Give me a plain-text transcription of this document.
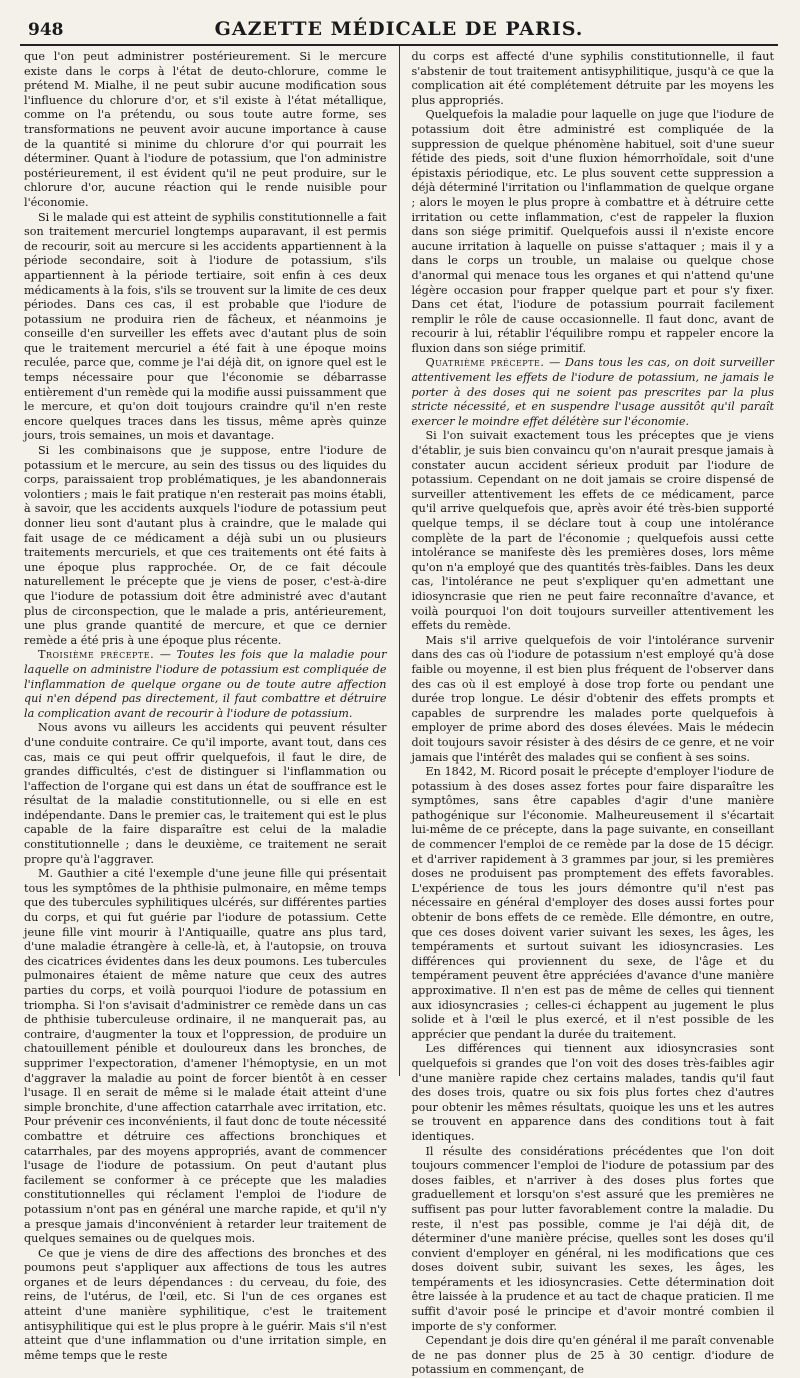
948	GAZETTE MÉDICALE DE PARIS.

que l'on peut administrer postérieurement. Si le mercure existe dans le corps à l'état de deuto-chlorure, comme le prétend M. Mialhe, il ne peut subir aucune modification sous l'influence du chlorure d'or, et s'il existe à l'état métallique, comme on l'a prétendu, ou sous toute autre forme, ses transformations ne peuvent avoir aucune importance à cause de la quantité si minime du chlorure d'or qui pourrait les déterminer. Quant à l'iodure de potassium, que l'on administre postérieurement, il est évident qu'il ne peut produire, sur le chlorure d'or, aucune réaction qui le rende nuisible pour l'économie.

Si le malade qui est atteint de syphilis constitutionnelle a fait son traitement mercuriel longtemps auparavant, il est permis de recourir, soit au mercure si les accidents appartiennent à la période secondaire, soit à l'iodure de potassium, s'ils appartiennent à la période tertiaire, soit enfin à ces deux médicaments à la fois, s'ils se trouvent sur la limite de ces deux périodes. Dans ces cas, il est probable que l'iodure de potassium ne produira rien de fâcheux, et néanmoins je conseille d'en surveiller les effets avec d'autant plus de soin que le traitement mercuriel a été fait à une époque moins reculée, parce que, comme je l'ai déjà dit, on ignore quel est le temps nécessaire pour que l'économie se débarrasse entièrement d'un remède qui la modifie aussi puissamment que le mercure, et qu'on doit toujours craindre qu'il n'en reste encore quelques traces dans les tissus, même après quinze jours, trois semaines, un mois et davantage.

Si les combinaisons que je suppose, entre l'iodure de potassium et le mercure, au sein des tissus ou des liquides du corps, paraissaient trop problématiques, je les abandonnerais volontiers ; mais le fait pratique n'en resterait pas moins établi, à savoir, que les accidents auxquels l'iodure de potassium peut donner lieu sont d'autant plus à craindre, que le malade qui fait usage de ce médicament a déjà subi un ou plusieurs traitements mercuriels, et que ces traitements ont été faits à une époque plus rapprochée. Or, de ce fait découle naturellement le précepte que je viens de poser, c'est-à-dire que l'iodure de potassium doit être administré avec d'autant plus de circonspection, que le malade a pris, antérieurement, une plus grande quantité de mercure, et que ce dernier remède a été pris à une époque plus récente.

Troisième précepte. — Toutes les fois que la maladie pour laquelle on administre l'iodure de potassium est compliquée de l'inflammation de quelque organe ou de toute autre affection qui n'en dépend pas directement, il faut combattre et détruire la complication avant de recourir à l'iodure de potassium.

Nous avons vu ailleurs les accidents qui peuvent résulter d'une conduite contraire. Ce qu'il importe, avant tout, dans ces cas, mais ce qui peut offrir quelquefois, il faut le dire, de grandes difficultés, c'est de distinguer si l'inflammation ou l'affection de l'organe qui est dans un état de souffrance est le résultat de la maladie constitutionnelle, ou si elle en est indépendante. Dans le premier cas, le traitement qui est le plus capable de la faire disparaître est celui de la maladie constitutionnelle ; dans le deuxième, ce traitement ne serait propre qu'à l'aggraver.

M. Gauthier a cité l'exemple d'une jeune fille qui présentait tous les symptômes de la phthisie pulmonaire, en même temps que des tubercules syphilitiques ulcérés, sur différentes parties du corps, et qui fut guérie par l'iodure de potassium. Cette jeune fille vint mourir à l'Antiquaille, quatre ans plus tard, d'une maladie étrangère à celle-là, et, à l'autopsie, on trouva des cicatrices évidentes dans les deux poumons. Les tubercules pulmonaires étaient de même nature que ceux des autres parties du corps, et voilà pourquoi l'iodure de potassium en triompha. Si l'on s'avisait d'administrer ce remède dans un cas de phthisie tuberculeuse ordinaire, il ne manquerait pas, au contraire, d'augmenter la toux et l'oppression, de produire un chatouillement pénible et douloureux dans les bronches, de supprimer l'expectoration, d'amener l'hémoptysie, en un mot d'aggraver la maladie au point de forcer bientôt à en cesser l'usage. Il en serait de même si le malade était atteint d'une simple bronchite, d'une affection catarrhale avec irritation, etc. Pour prévenir ces inconvénients, il faut donc de toute nécessité combattre et détruire ces affections bronchiques et catarrhales, par des moyens appropriés, avant de commencer l'usage de l'iodure de potassium. On peut d'autant plus facilement se conformer à ce précepte que les maladies constitutionnelles qui réclament l'emploi de l'iodure de potassium n'ont pas en général une marche rapide, et qu'il n'y a presque jamais d'inconvénient à retarder leur traitement de quelques semaines ou de quelques mois.

Ce que je viens de dire des affections des bronches et des poumons peut s'appliquer aux affections de tous les autres organes et de leurs dépendances : du cerveau, du foie, des reins, de l'utérus, de l'œil, etc. Si l'un de ces organes est atteint d'une manière syphilitique, c'est le traitement antisyphilitique qui est le plus propre à le guérir. Mais s'il n'est atteint que d'une inflammation ou d'une irritation simple, en même temps que le reste

du corps est affecté d'une syphilis constitutionnelle, il faut s'abstenir de tout traitement antisyphilitique, jusqu'à ce que la complication ait été complétement détruite par les moyens les plus appropriés.

Quelquefois la maladie pour laquelle on juge que l'iodure de potassium doit être administré est compliquée de la suppression de quelque phénomène habituel, soit d'une sueur fétide des pieds, soit d'une fluxion hémorrhoïdale, soit d'une épistaxis périodique, etc. Le plus souvent cette suppression a déjà déterminé l'irritation ou l'inflammation de quelque organe ; alors le moyen le plus propre à combattre et à détruire cette irritation ou cette inflammation, c'est de rappeler la fluxion dans son siége primitif. Quelquefois aussi il n'existe encore aucune irritation à laquelle on puisse s'attaquer ; mais il y a dans le corps un trouble, un malaise ou quelque chose d'anormal qui menace tous les organes et qui n'attend qu'une légère occasion pour frapper quelque part et pour s'y fixer. Dans cet état, l'iodure de potassium pourrait facilement remplir le rôle de cause occasionnelle. Il faut donc, avant de recourir à lui, rétablir l'équilibre rompu et rappeler encore la fluxion dans son siége primitif.

Quatrième précepte. — Dans tous les cas, on doit surveiller attentivement les effets de l'iodure de potassium, ne jamais le porter à des doses qui ne soient pas prescrites par la plus stricte nécessité, et en suspendre l'usage aussitôt qu'il paraît exercer le moindre effet délétère sur l'économie.

Si l'on suivait exactement tous les préceptes que je viens d'établir, je suis bien convaincu qu'on n'aurait presque jamais à constater aucun accident sérieux produit par l'iodure de potassium. Cependant on ne doit jamais se croire dispensé de surveiller attentivement les effets de ce médicament, parce qu'il arrive quelquefois que, après avoir été très-bien supporté quelque temps, il se déclare tout à coup une intolérance complète de la part de l'économie ; quelquefois aussi cette intolérance se manifeste dès les premières doses, lors même qu'on n'a employé que des quantités très-faibles. Dans les deux cas, l'intolérance ne peut s'expliquer qu'en admettant une idiosyncrasie que rien ne peut faire reconnaître d'avance, et voilà pourquoi l'on doit toujours surveiller attentivement les effets du remède.

Mais s'il arrive quelquefois de voir l'intolérance survenir dans des cas où l'iodure de potassium n'est employé qu'à dose faible ou moyenne, il est bien plus fréquent de l'observer dans des cas où il est employé à dose trop forte ou pendant une durée trop longue. Le désir d'obtenir des effets prompts et capables de surprendre les malades porte quelquefois à employer de prime abord des doses élevées. Mais le médecin doit toujours savoir résister à des désirs de ce genre, et ne voir jamais que l'intérêt des malades qui se confient à ses soins.

En 1842, M. Ricord posait le précepte d'employer l'iodure de potassium à des doses assez fortes pour faire disparaître les symptômes, sans être capables d'agir d'une manière pathogénique sur l'économie. Malheureusement il s'écartait lui-même de ce précepte, dans la page suivante, en conseillant de commencer l'emploi de ce remède par la dose de 15 décigr. et d'arriver rapidement à 3 grammes par jour, si les premières doses ne produisent pas promptement des effets favorables. L'expérience de tous les jours démontre qu'il n'est pas nécessaire en général d'employer des doses aussi fortes pour obtenir de bons effets de ce remède. Elle démontre, en outre, que ces doses doivent varier suivant les sexes, les âges, les tempéraments et surtout suivant les idiosyncrasies. Les différences qui proviennent du sexe, de l'âge et du tempérament peuvent être appréciées d'avance d'une manière approximative. Il n'en est pas de même de celles qui tiennent aux idiosyncrasies ; celles-ci échappent au jugement le plus solide et à l'œil le plus exercé, et il n'est possible de les apprécier que pendant la durée du traitement.

Les différences qui tiennent aux idiosyncrasies sont quelquefois si grandes que l'on voit des doses très-faibles agir d'une manière rapide chez certains malades, tandis qu'il faut des doses trois, quatre ou six fois plus fortes chez d'autres pour obtenir les mêmes résultats, quoique les uns et les autres se trouvent en apparence dans des conditions tout à fait identiques.

Il résulte des considérations précédentes que l'on doit toujours commencer l'emploi de l'iodure de potassium par des doses faibles, et n'arriver à des doses plus fortes que graduellement et lorsqu'on s'est assuré que les premières ne suffisent pas pour lutter favorablement contre la maladie. Du reste, il n'est pas possible, comme je l'ai déjà dit, de déterminer d'une manière précise, quelles sont les doses qu'il convient d'employer en général, ni les modifications que ces doses doivent subir, suivant les sexes, les âges, les tempéraments et les idiosyncrasies. Cette détermination doit être laissée à la prudence et au tact de chaque praticien. Il me suffit d'avoir posé le principe et d'avoir montré combien il importe de s'y conformer.

Cependant je dois dire qu'en général il me paraît convenable de ne pas donner plus de 25 à 30 centigr. d'iodure de potassium en commençant, de
